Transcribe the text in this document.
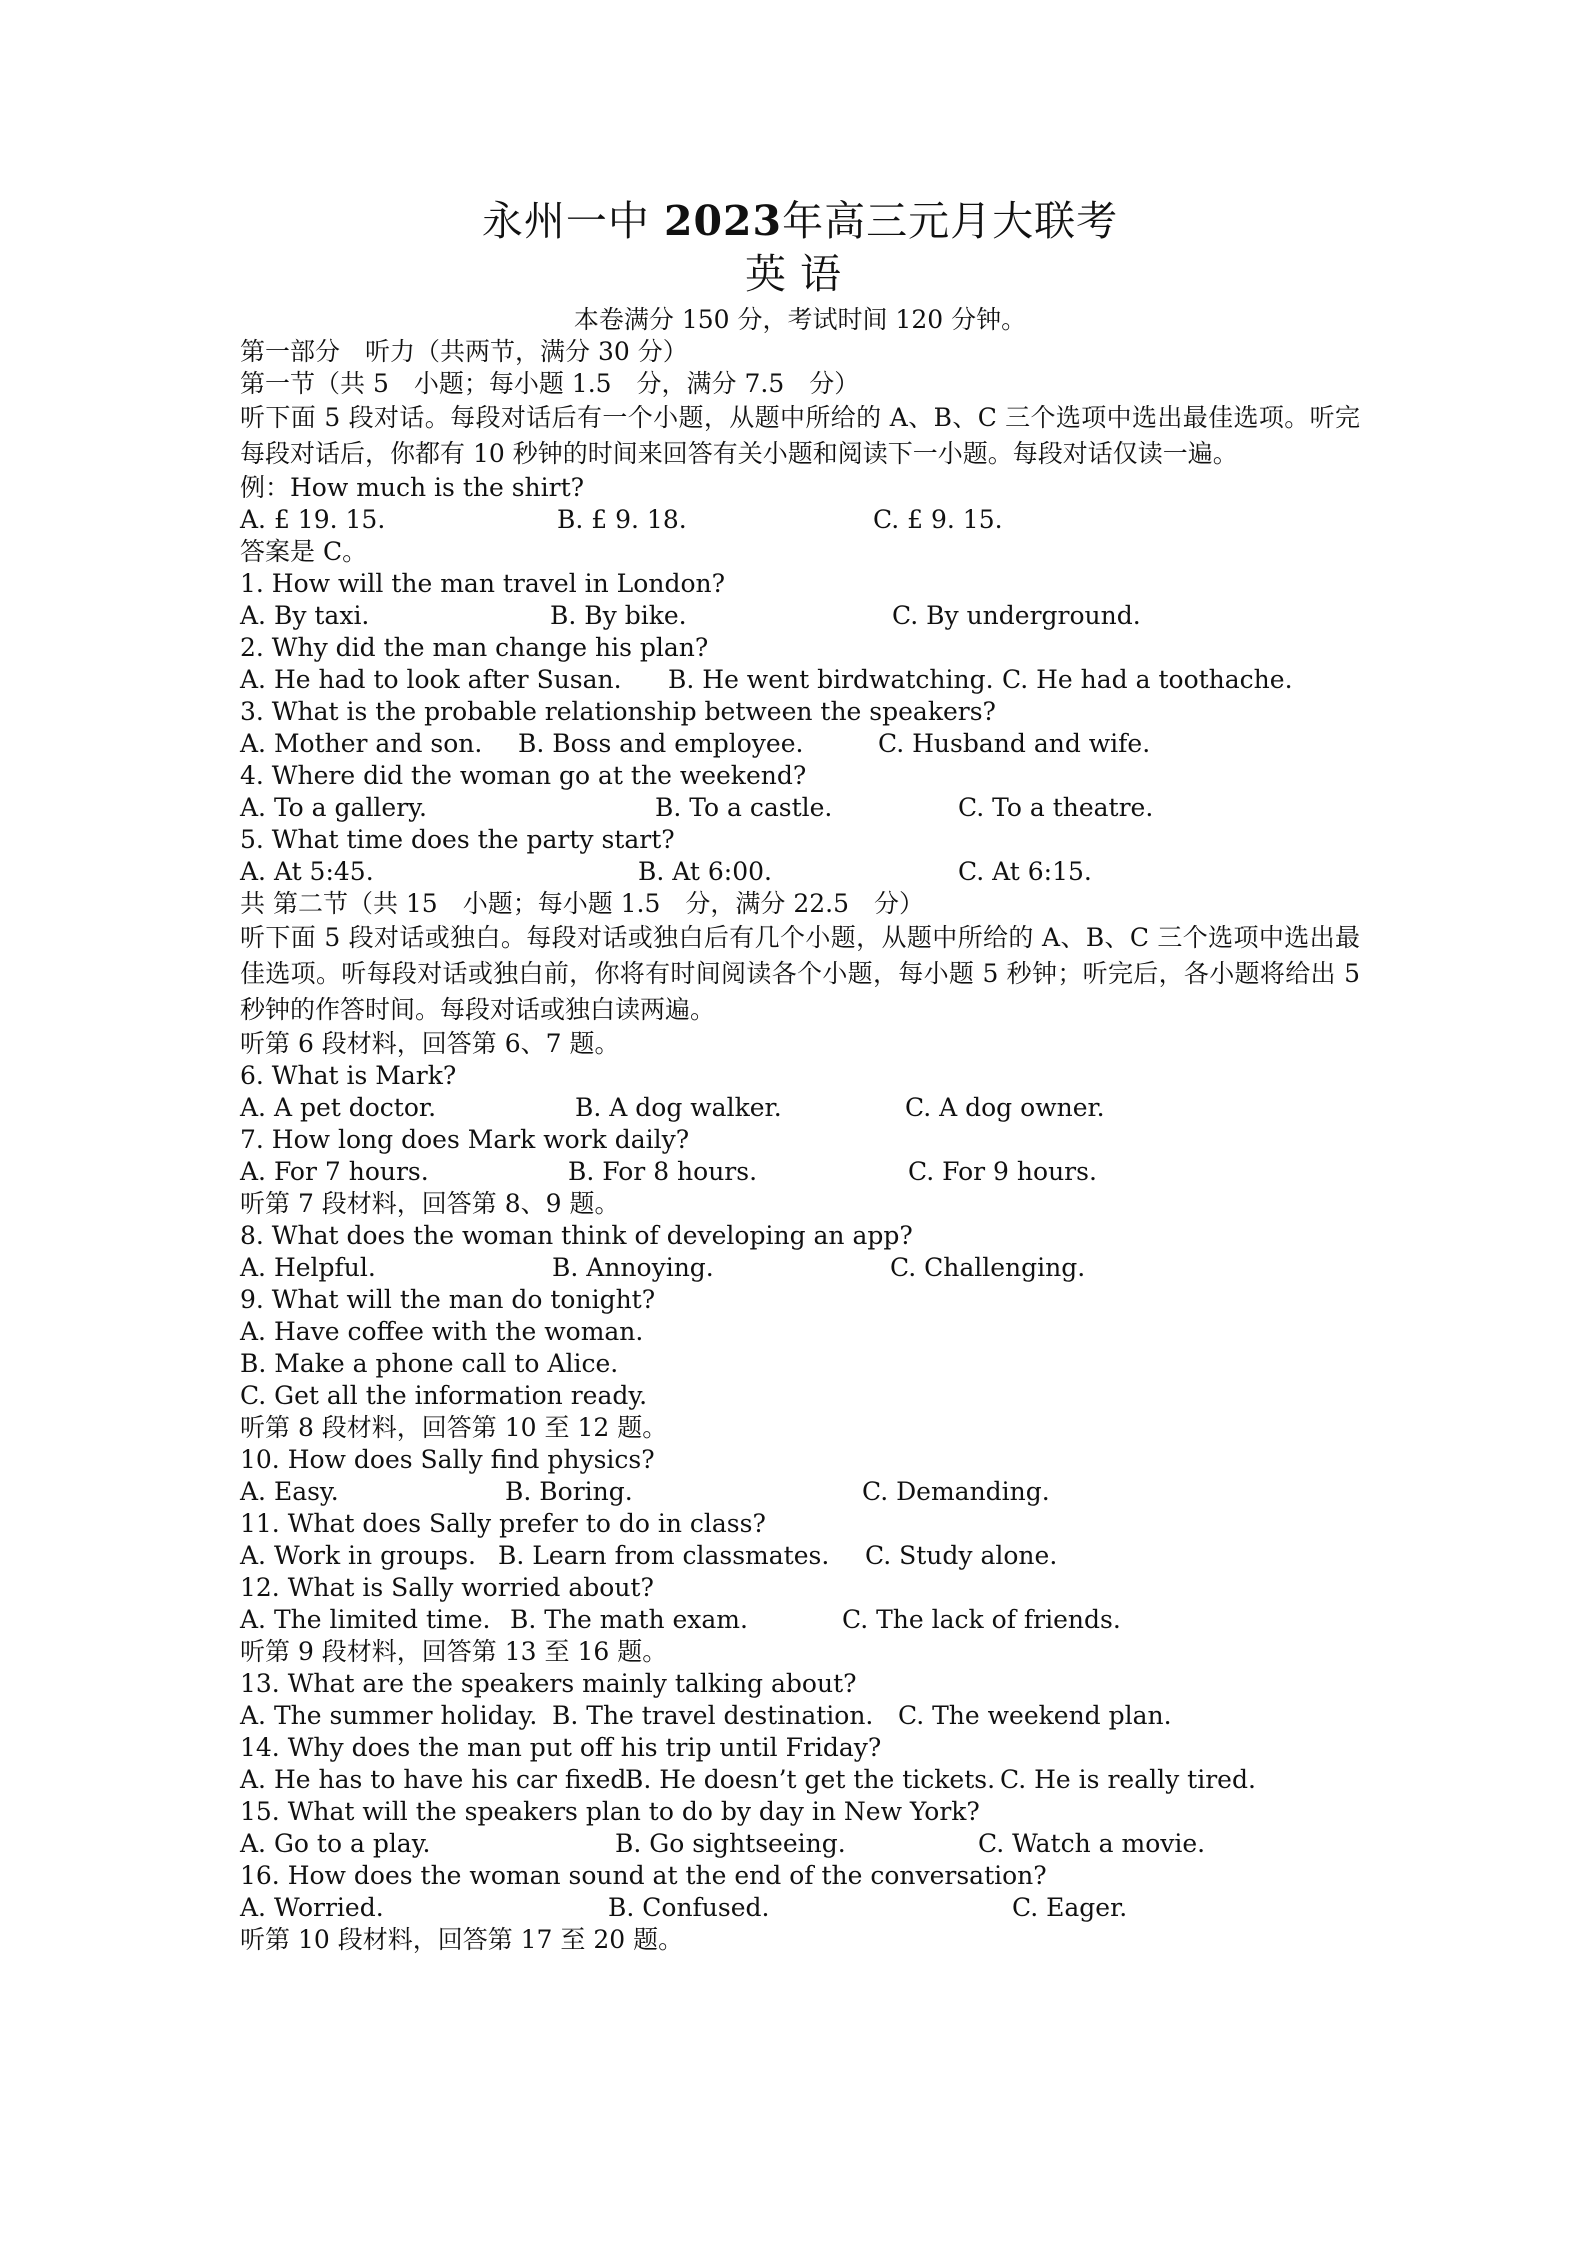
永州一中 2023年高三元月大联考
英语
本卷满分 150 分，考试时间 120 分钟。
第一部分　听力（共两节，满分 30 分）
第一节（共 5　小题；每小题 1.5　分，满分 7.5　分）
听下面 5 段对话。每段对话后有一个小题，从题中所给的 A、B、C 三个选项中选出最佳选项。听完每段对话后，你都有 10 秒钟的时间来回答有关小题和阅读下一小题。每段对话仅读一遍。
例：How much is the shirt?
A. £ 19. 15.	B. £ 9. 18.	C. £ 9. 15.
答案是 C。
1. How will the man travel in London?
A. By taxi.	B. By bike.	C. By underground.
2. Why did the man change his plan?
A. He had to look after Susan. B. He went birdwatching. C. He had a toothache.
3. What is the probable relationship between the speakers?
A. Mother and son. B. Boss and employee.	C. Husband and wife.
4. Where did the woman go at the weekend?
A. To a gallery.	B. To a castle.	C. To a theatre.
5. What time does the party start?
A. At 5:45.	B. At 6:00.	C. At 6:15.
共 第二节（共 15　小题；每小题 1.5　分，满分 22.5　分）
听下面 5 段对话或独白。每段对话或独白后有几个小题，从题中所给的 A、B、C 三个选项中选出最佳选项。听每段对话或独白前，你将有时间阅读各个小题，每小题 5 秒钟；听完后，各小题将给出 5 秒钟的作答时间。每段对话或独白读两遍。
听第 6 段材料，回答第 6、7 题。
6. What is Mark?
A. A pet doctor.	B. A dog walker.	C. A dog owner.
7. How long does Mark work daily?
A. For 7 hours.	B. For 8 hours.	C. For 9 hours.
听第 7 段材料，回答第 8、9 题。
8. What does the woman think of developing an app?
A. Helpful.	B. Annoying.	C. Challenging.
9. What will the man do tonight?
A. Have coffee with the woman.
B. Make a phone call to Alice.
C. Get all the information ready.
听第 8 段材料，回答第 10 至 12 题。
10. How does Sally find physics?
A. Easy.	B. Boring.	C. Demanding.
11. What does Sally prefer to do in class?
A. Work in groups. B. Learn from classmates. C. Study alone.
12. What is Sally worried about?
A. The limited time. B. The math exam.	C. The lack of friends.
听第 9 段材料，回答第 13 至 16 题。
13. What are the speakers mainly talking about?
A. The summer holiday. B. The travel destination. C. The weekend plan.
14. Why does the man put off his trip until Friday?
A. He has to have his car fixed.
B. He doesn’t get the tickets. C. He is really tired.
15. What will the speakers plan to do by day in New York?
A. Go to a play.	B. Go sightseeing.	C. Watch a movie.
16. How does the woman sound at the end of the conversation?
A. Worried.	B. Confused.	C. Eager.
听第 10 段材料，回答第 17 至 20 题。
